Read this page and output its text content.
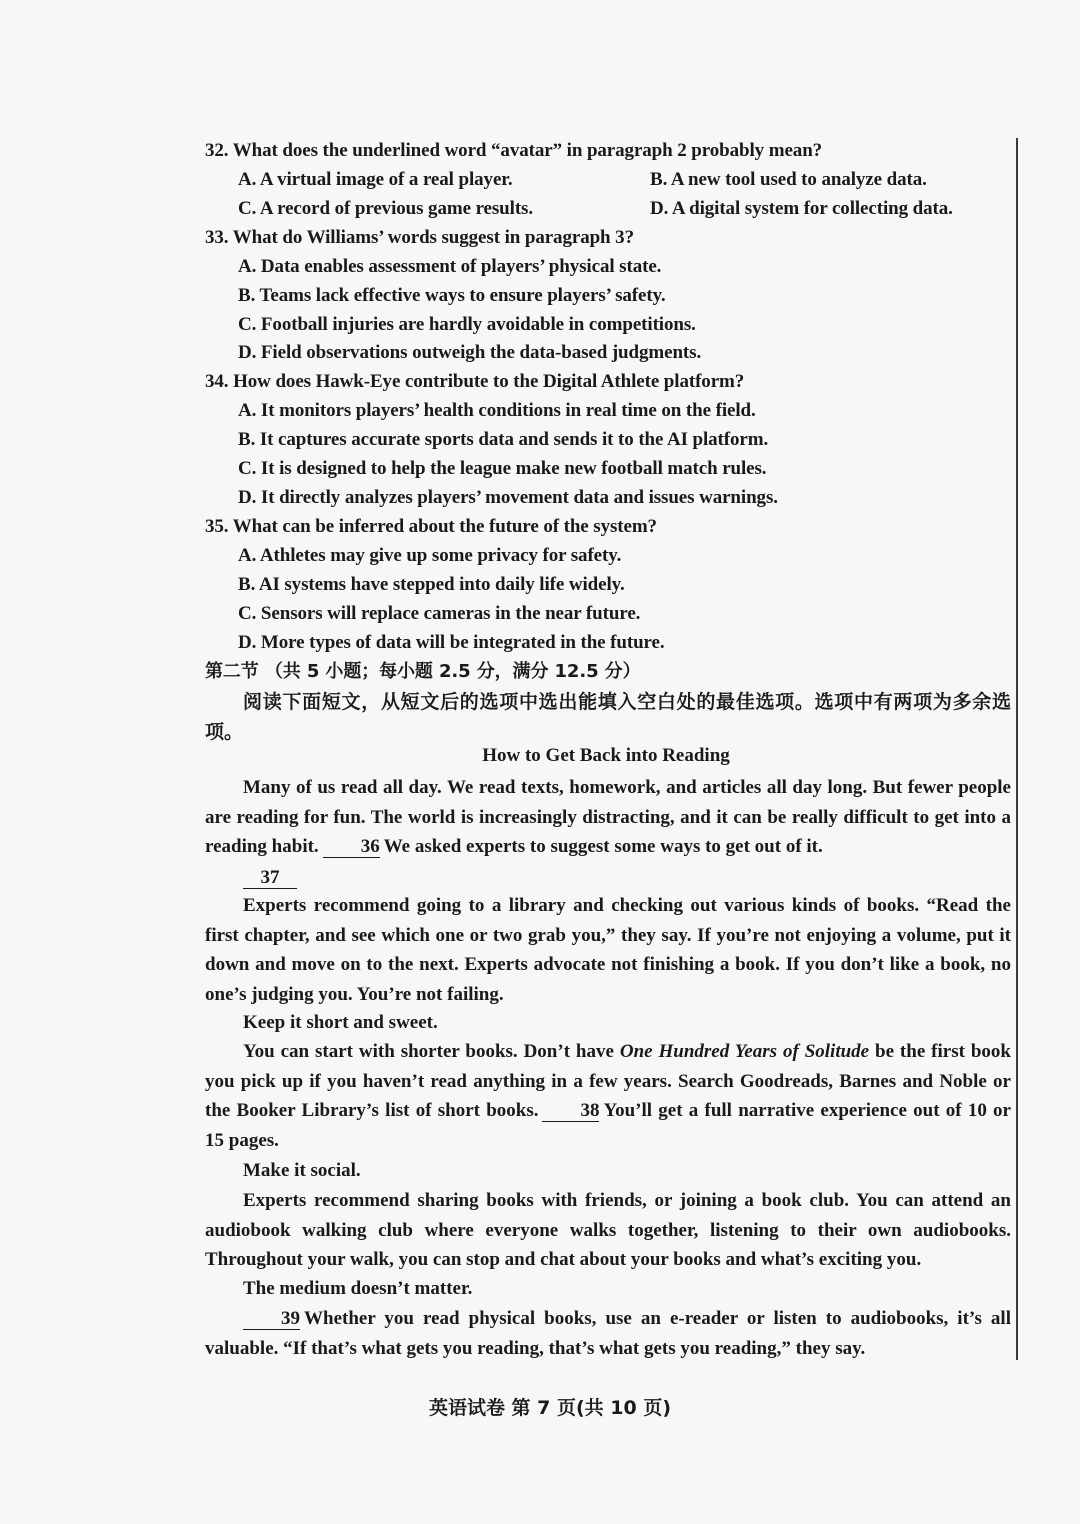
32. What does the underlined word “avatar” in paragraph 2 probably mean?
A. A virtual image of a real player.	B. A new tool used to analyze data.
C. A record of previous game results.	D. A digital system for collecting data.
33. What do Williams’ words suggest in paragraph 3?
A. Data enables assessment of players’ physical state.
B. Teams lack effective ways to ensure players’ safety.
C. Football injuries are hardly avoidable in competitions.
D. Field observations outweigh the data-based judgments.
34. How does Hawk-Eye contribute to the Digital Athlete platform?
A. It monitors players’ health conditions in real time on the field.
B. It captures accurate sports data and sends it to the AI platform.
C. It is designed to help the league make new football match rules.
D. It directly analyzes players’ movement data and issues warnings.
35. What can be inferred about the future of the system?
A. Athletes may give up some privacy for safety.
B. AI systems have stepped into daily life widely.
C. Sensors will replace cameras in the near future.
D. More types of data will be integrated in the future.
第二节 （共 5 小题；每小题 2.5 分，满分 12.5 分）
阅读下面短文，从短文后的选项中选出能填入空白处的最佳选项。选项中有两项为多余选项。
How to Get Back into Reading
Many of us read all day. We read texts, homework, and articles all day long. But fewer people are reading for fun. The world is increasingly distracting, and it can be really difficult to get into a reading habit. 36 We asked experts to suggest some ways to get out of it.
37
Experts recommend going to a library and checking out various kinds of books. “Read the first chapter, and see which one or two grab you,” they say. If you’re not enjoying a volume, put it down and move on to the next. Experts advocate not finishing a book. If you don’t like a book, no one’s judging you. You’re not failing.
Keep it short and sweet.
You can start with shorter books. Don’t have One Hundred Years of Solitude be the first book you pick up if you haven’t read anything in a few years. Search Goodreads, Barnes and Noble or the Booker Library’s list of short books. 38 You’ll get a full narrative experience out of 10 or 15 pages.
Make it social.
Experts recommend sharing books with friends, or joining a book club. You can attend an audiobook walking club where everyone walks together, listening to their own audiobooks. Throughout your walk, you can stop and chat about your books and what’s exciting you.
The medium doesn’t matter.
39 Whether you read physical books, use an e-reader or listen to audiobooks, it’s all valuable. “If that’s what gets you reading, that’s what gets you reading,” they say.
英语试卷 第 7 页(共 10 页)
